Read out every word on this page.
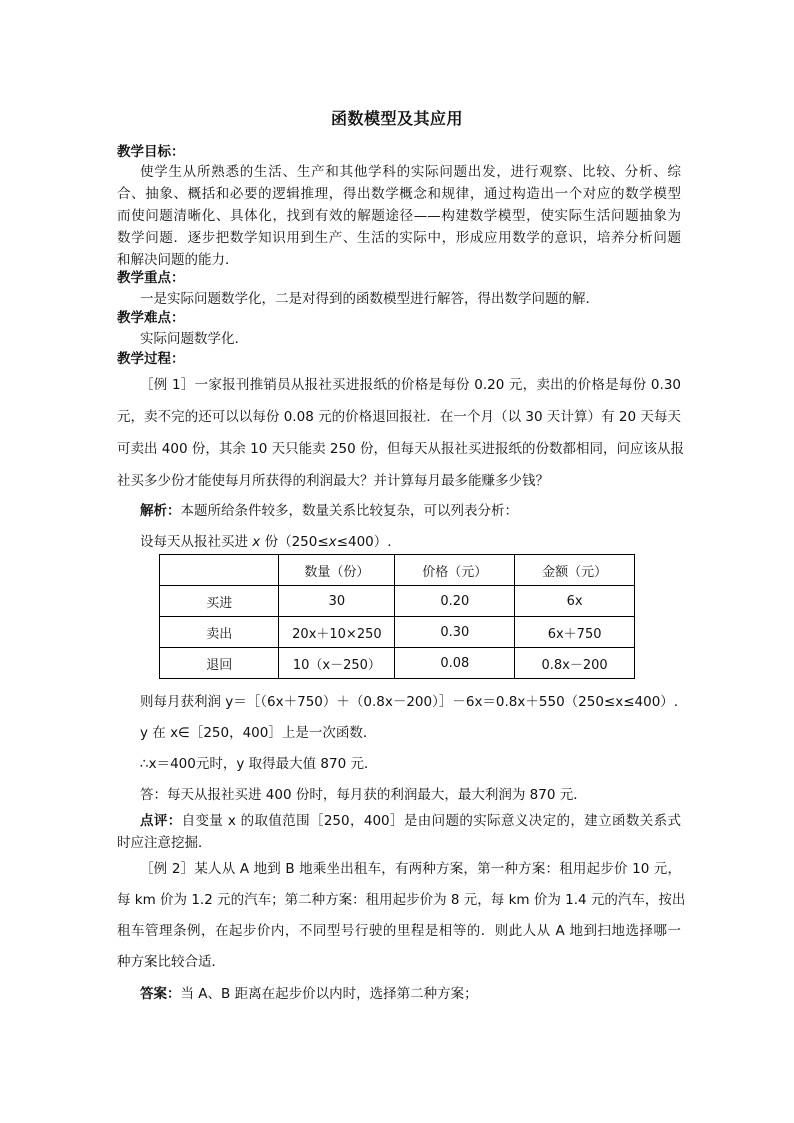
函数模型及其应用
教学目标：
使学生从所熟悉的生活、生产和其他学科的实际问题出发，进行观察、比较、分析、综
合、抽象、概括和必要的逻辑推理，得出数学概念和规律，通过构造出一个对应的数学模型
而使问题清晰化、具体化，找到有效的解题途径——构建数学模型，使实际生活问题抽象为
数学问题．逐步把数学知识用到生产、生活的实际中，形成应用数学的意识，培养分析问题
和解决问题的能力．
教学重点：
一是实际问题数学化，二是对得到的函数模型进行解答，得出数学问题的解.
教学难点：
实际问题数学化.
教学过程：
［例 1］一家报刊推销员从报社买进报纸的价格是每份 0.20 元，卖出的价格是每份 0.30
元，卖不完的还可以以每份 0.08 元的价格退回报社．在一个月（以 30 天计算）有 20 天每天
可卖出 400 份，其余 10 天只能卖 250 份，但每天从报社买进报纸的份数都相同，问应该从报
社买多少份才能使每月所获得的利润最大？并计算每月最多能赚多少钱？
解析：本题所给条件较多，数量关系比较复杂，可以列表分析：
设每天从报社买进 x 份（250≤x≤400）.
	数量（份）	价格（元）	金额（元）
买进	30	0.20	6x
卖出	20x＋10×250	0.30	6x＋750
退回	10（x－250）	0.08	0.8x－200
则每月获利润 y＝［（6x＋750）＋（0.8x－200）］－6x＝0.8x＋550（250≤x≤400）.
y 在 x∈［250，400］上是一次函数．
∴x＝400元时，y 取得最大值 870 元．
答：每天从报社买进 400 份时，每月获的利润最大，最大利润为 870 元．
点评：自变量 x 的取值范围［250，400］是由问题的实际意义决定的，建立函数关系式
时应注意挖掘．
［例 2］某人从 A 地到 B 地乘坐出租车，有两种方案，第一种方案：租用起步价 10 元，
每 km 价为 1.2 元的汽车；第二种方案：租用起步价为 8 元，每 km 价为 1.4 元的汽车，按出
租车管理条例，在起步价内，不同型号行驶的里程是相等的．则此人从 A 地到扫地选择哪一
种方案比较合适．
答案：当 A、B 距离在起步价以内时，选择第二种方案；
